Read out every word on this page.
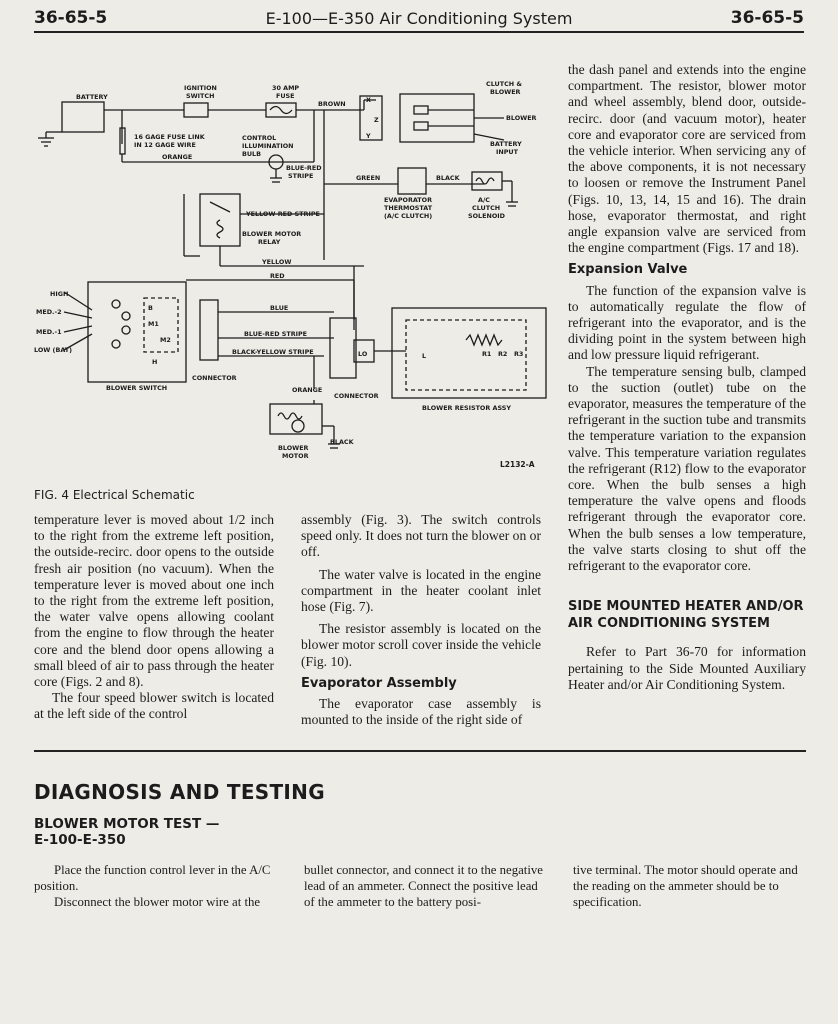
36-65-5	E-100—E-350 Air Conditioning System	36-65-5
BATTERY
IGNITION
SWITCH
30 AMP
FUSE
BROWN
CLUTCH &
BLOWER
BLOWER
BATTERY
INPUT
16 GAGE FUSE LINK
IN 12 GAGE WIRE
ORANGE
CONTROL
ILLUMINATION
BULB
BLUE-RED
STRIPE	GREEN	BLACK
EVAPORATOR
THERMOSTAT
(A/C CLUTCH)
A/C
CLUTCH
SOLENOID
YELLOW-RED STRIPE
BLOWER MOTOR
RELAY
YELLOW
RED
HIGH
MED.-2
MED.-1
LOW (BAT)
BLOWER SWITCH
BLUE
BLUE-RED STRIPE
BLACK-YELLOW STRIPE
CONNECTOR
ORANGE
CONNECTOR
BLOWER RESISTOR ASSY
BLACK
BLOWER
MOTOR
X
Z
Y
B
M1
M2
H
LO	L	R1 R2 R3
L2132-A
FIG. 4 Electrical Schematic

the dash panel and extends into the engine compartment. The resistor, blower motor and wheel assembly, blend door, outside-recirc. door (and vacuum motor), heater core and evaporator core are serviced from the vehicle interior. When servicing any of the above components, it is not necessary to loosen or remove the Instrument Panel (Figs. 10, 13, 14, 15 and 16). The drain hose, evaporator thermostat, and right angle expansion valve are serviced from the engine compartment (Figs. 17 and 18).

Expansion Valve

The function of the expansion valve is to automatically regulate the flow of refrigerant into the evaporator, and is the dividing point in the system between high and low pressure liquid refrigerant.

The temperature sensing bulb, clamped to the suction (outlet) tube on the evaporator, measures the temperature of the refrigerant in the suction tube and transmits the temperature variation to the expansion valve. This temperature variation regulates the refrigerant (R12) flow to the evaporator core. When the bulb senses a high temperature the valve opens and floods refrigerant through the evaporator core. When the bulb senses a low temperature, the valve starts closing to shut off the refrigerant to the evaporator core.

SIDE MOUNTED HEATER AND/OR

AIR CONDITIONING SYSTEM

Refer to Part 36-70 for information pertaining to the Side Mounted Auxiliary Heater and/or Air Conditioning System.

temperature lever is moved about 1/2 inch to the right from the extreme left position, the outside-recirc. door opens to the outside fresh air position (no vacuum). When the temperature lever is moved about one inch to the right from the extreme left position, the water valve opens allowing coolant from the engine to flow through the heater core and the blend door opens allowing a small bleed of air to pass through the heater core (Figs. 2 and 8).

The four speed blower switch is located at the left side of the control

assembly (Fig. 3). The switch controls speed only. It does not turn the blower on or off.

The water valve is located in the engine compartment in the heater coolant inlet hose (Fig. 7).

The resistor assembly is located on the blower motor scroll cover inside the vehicle (Fig. 10).

Evaporator Assembly

The evaporator case assembly is mounted to the inside of the right side of

DIAGNOSIS AND TESTING
BLOWER MOTOR TEST —
E-100-E-350

Place the function control lever in the A/C position.

Disconnect the blower motor wire at the

bullet connector, and connect it to the negative lead of an ammeter. Connect the positive lead of the ammeter to the battery posi-

tive terminal. The motor should operate and the reading on the ammeter should be to specification.
